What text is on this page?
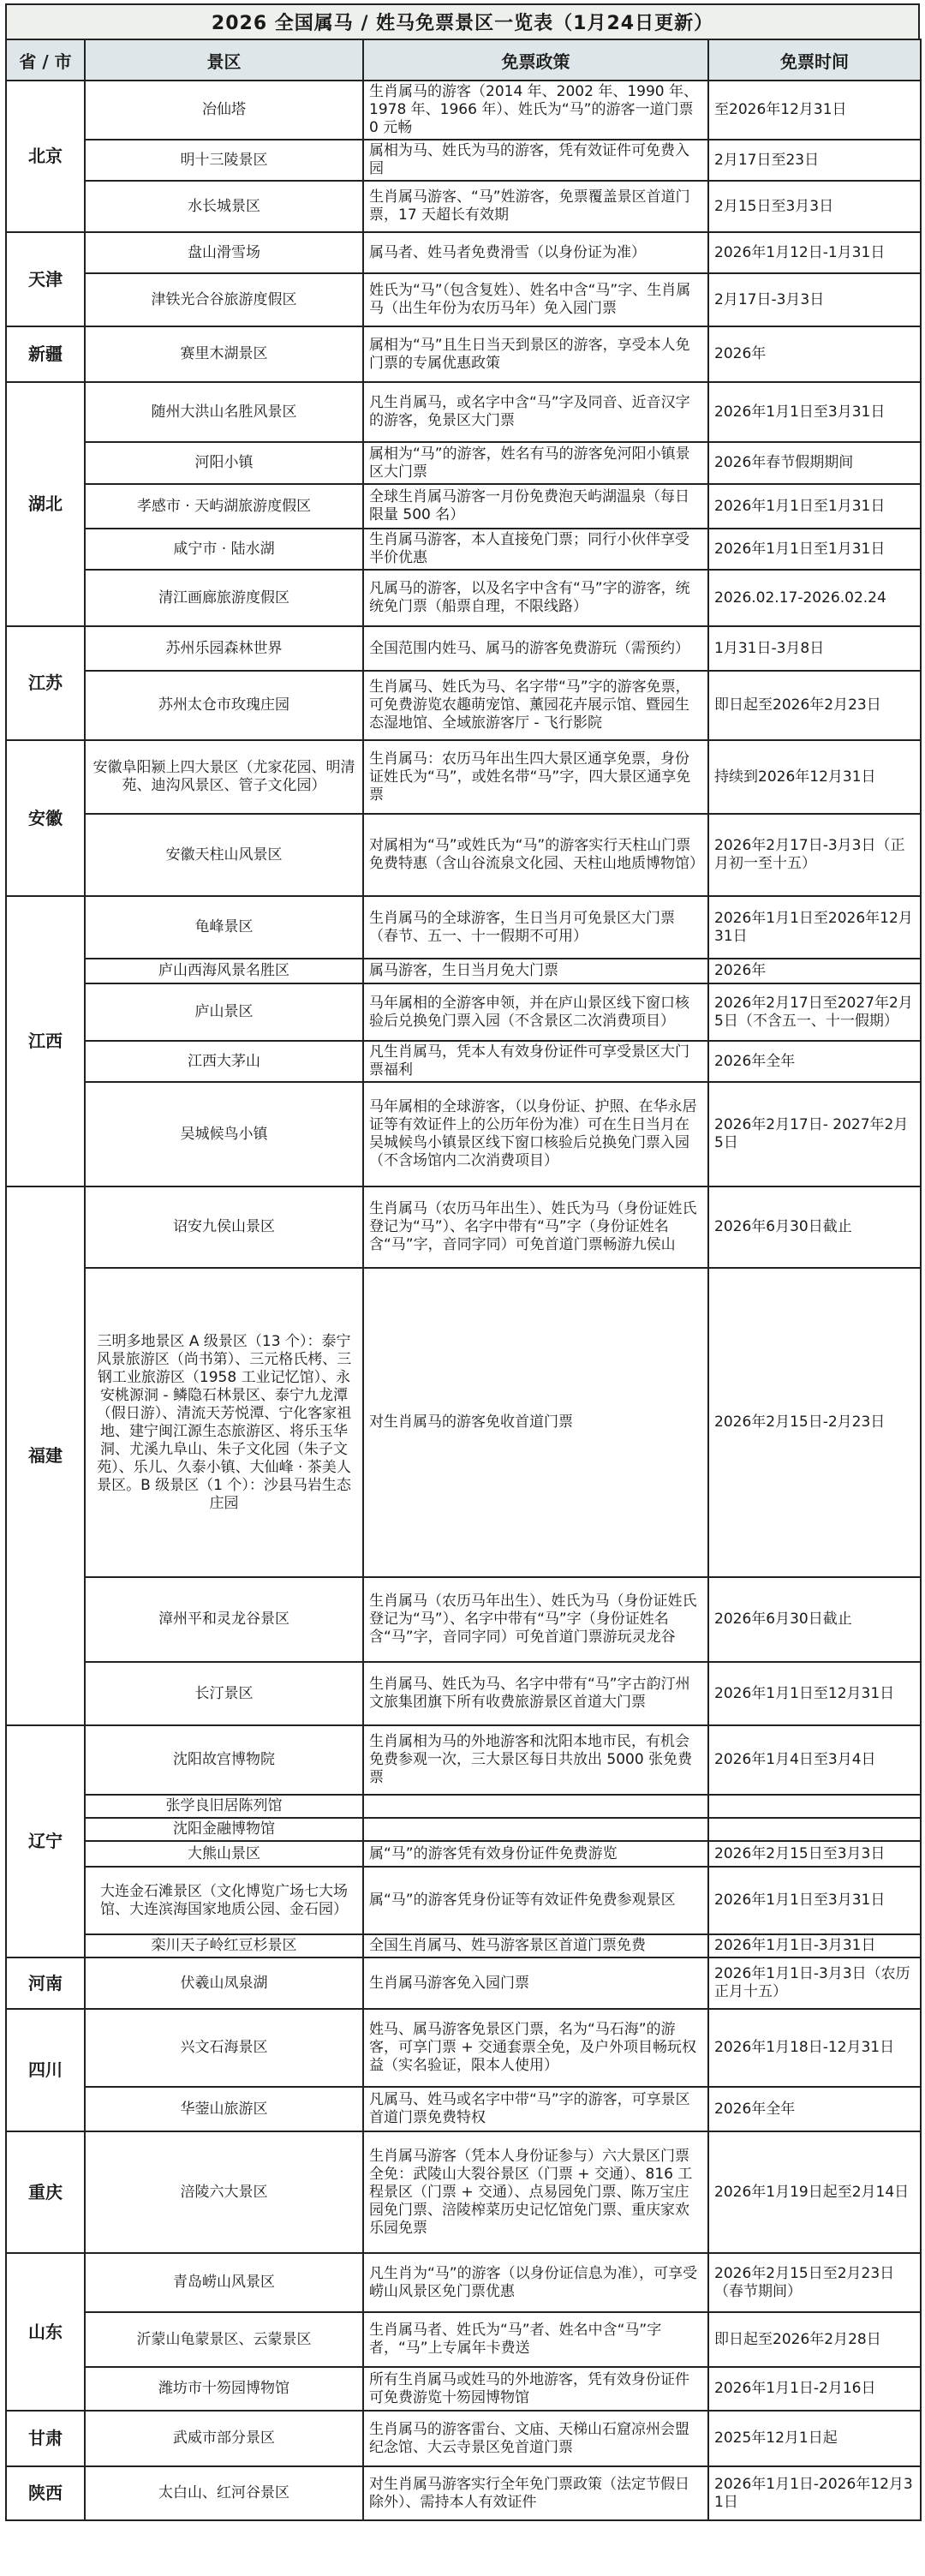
2026 全国属马 / 姓马免票景区一览表（1月24日更新）
省 / 市	景区	免票政策	免票时间
北京	冶仙塔	生肖属马的游客（2014 年、2002 年、1990 年、1978 年、1966 年）、姓氏为“马”的游客一道门票 0 元畅	至2026年12月31日
	明十三陵景区	属相为马、姓氏为马的游客，凭有效证件可免费入园	2月17日至23日
	水长城景区	生肖属马游客、“马”姓游客，免票覆盖景区首道门票，17 天超长有效期	2月15日至3月3日
天津	盘山滑雪场	属马者、姓马者免费滑雪（以身份证为准）	2026年1月12日-1月31日
	津铁光合谷旅游度假区	姓氏为“马”（包含复姓）、姓名中含“马”字、生肖属马（出生年份为农历马年）免入园门票	2月17日-3月3日
新疆	赛里木湖景区	属相为“马”且生日当天到景区的游客，享受本人免门票的专属优惠政策	2026年
湖北	随州大洪山名胜风景区	凡生肖属马，或名字中含“马”字及同音、近音汉字的游客，免景区大门票	2026年1月1日至3月31日
	河阳小镇	属相为“马”的游客，姓名有马的游客免河阳小镇景区大门票	2026年春节假期期间
	孝感市 · 天屿湖旅游度假区	全球生肖属马游客一月份免费泡天屿湖温泉（每日限量 500 名）	2026年1月1日至1月31日
	咸宁市 · 陆水湖	生肖属马游客，本人直接免门票；同行小伙伴享受半价优惠	2026年1月1日至1月31日
	清江画廊旅游度假区	凡属马的游客，以及名字中含有“马”字的游客，统统免门票（船票自理，不限线路）	2026.02.17-2026.02.24
江苏	苏州乐园森林世界	全国范围内姓马、属马的游客免费游玩（需预约）	1月31日-3月8日
	苏州太仓市玫瑰庄园	生肖属马、姓氏为马、名字带“马”字的游客免票，可免费游览农趣萌宠馆、薰园花卉展示馆、暨园生态湿地馆、全域旅游客厅 - 飞行影院	即日起至2026年2月23日
安徽	安徽阜阳颍上四大景区（尤家花园、明清苑、迪沟风景区、管子文化园）	生肖属马：农历马年出生四大景区通享免票，身份证姓氏为“马”，或姓名带“马”字，四大景区通享免票	持续到2026年12月31日
	安徽天柱山风景区	对属相为“马”或姓氏为“马”的游客实行天柱山门票免费特惠（含山谷流泉文化园、天柱山地质博物馆）	2026年2月17日-3月3日（正月初一至十五）
江西	龟峰景区	生肖属马的全球游客，生日当月可免景区大门票（春节、五一、十一假期不可用）	2026年1月1日至2026年12月31日
	庐山西海风景名胜区	属马游客，生日当月免大门票	2026年
	庐山景区	马年属相的全游客申领，并在庐山景区线下窗口核验后兑换免门票入园（不含景区二次消费项目）	2026年2月17日至2027年2月5日（不含五一、十一假期）
	江西大茅山	凡生肖属马，凭本人有效身份证件可享受景区大门票福利	2026年全年
	吴城候鸟小镇	马年属相的全球游客，（以身份证、护照、在华永居证等有效证件上的公历年份为准）可在生日当月在吴城候鸟小镇景区线下窗口核验后兑换免门票入园（不含场馆内二次消费项目）	2026年2月17日- 2027年2月5日
福建	诏安九侯山景区	生肖属马（农历马年出生）、姓氏为马（身份证姓氏登记为“马”）、名字中带有“马”字（身份证姓名含“马”字，音同字同）可免首道门票畅游九侯山	2026年6月30日截止
	三明多地景区 A 级景区（13 个）：泰宁风景旅游区（尚书第）、三元格氏栲、三钢工业旅游区（1958 工业记忆馆）、永安桃源洞 - 鳞隐石林景区、泰宁九龙潭（假日游）、清流天芳悦潭、宁化客家祖地、建宁闽江源生态旅游区、将乐玉华洞、尤溪九阜山、朱子文化园（朱子文苑）、乐儿、久泰小镇、大仙峰 · 茶美人景区。B 级景区（1 个）：沙县马岩生态庄园	对生肖属马的游客免收首道门票	2026年2月15日-2月23日
	漳州平和灵龙谷景区	生肖属马（农历马年出生）、姓氏为马（身份证姓氏登记为“马”）、名字中带有“马”字（身份证姓名含“马”字，音同字同）可免首道门票游玩灵龙谷	2026年6月30日截止
	长汀景区	生肖属马、姓氏为马、名字中带有“马”字古韵汀州文旅集团旗下所有收费旅游景区首道大门票	2026年1月1日至12月31日
辽宁	沈阳故宫博物院	生肖属相为马的外地游客和沈阳本地市民，有机会免费参观一次，三大景区每日共放出 5000 张免费票	2026年1月4日至3月4日
	张学良旧居陈列馆		
	沈阳金融博物馆		
	大熊山景区	属“马”的游客凭有效身份证件免费游览	2026年2月15日至3月3日
	大连金石滩景区（文化博览广场七大场馆、大连滨海国家地质公园、金石园）	属“马”的游客凭身份证等有效证件免费参观景区	2026年1月1日至3月31日
	栾川天子岭红豆杉景区	全国生肖属马、姓马游客景区首道门票免费	2026年1月1日-3月31日
河南	伏羲山凤泉湖	生肖属马游客免入园门票	2026年1月1日-3月3日（农历正月十五）
四川	兴文石海景区	姓马、属马游客免景区门票，名为“马石海”的游客，可享门票 + 交通套票全免，及户外项目畅玩权益（实名验证，限本人使用）	2026年1月18日-12月31日
	华蓥山旅游区	凡属马、姓马或名字中带“马”字的游客，可享景区首道门票免费特权	2026年全年
重庆	涪陵六大景区	生肖属马游客（凭本人身份证参与）六大景区门票全免：武陵山大裂谷景区（门票 + 交通）、816 工程景区（门票 + 交通）、点易园免门票、陈万宝庄园免门票、涪陵榨菜历史记忆馆免门票、重庆家欢乐园免票	2026年1月19日起至2月14日
山东	青岛崂山风景区	凡生肖为“马”的游客（以身份证信息为准），可享受崂山风景区免门票优惠	2026年2月15日至2月23日（春节期间）
	沂蒙山龟蒙景区、云蒙景区	生肖属马者、姓氏为“马”者、姓名中含“马”字者，“马”上专属年卡费送	即日起至2026年2月28日
	潍坊市十笏园博物馆	所有生肖属马或姓马的外地游客，凭有效身份证件可免费游览十笏园博物馆	2026年1月1日-2月16日
甘肃	武威市部分景区	生肖属马的游客雷台、文庙、天梯山石窟凉州会盟纪念馆、大云寺景区免首道门票	2025年12月1日起
陕西	太白山、红河谷景区	对生肖属马游客实行全年免门票政策（法定节假日除外）、需持本人有效证件	2026年1月1日-2026年12月31日
